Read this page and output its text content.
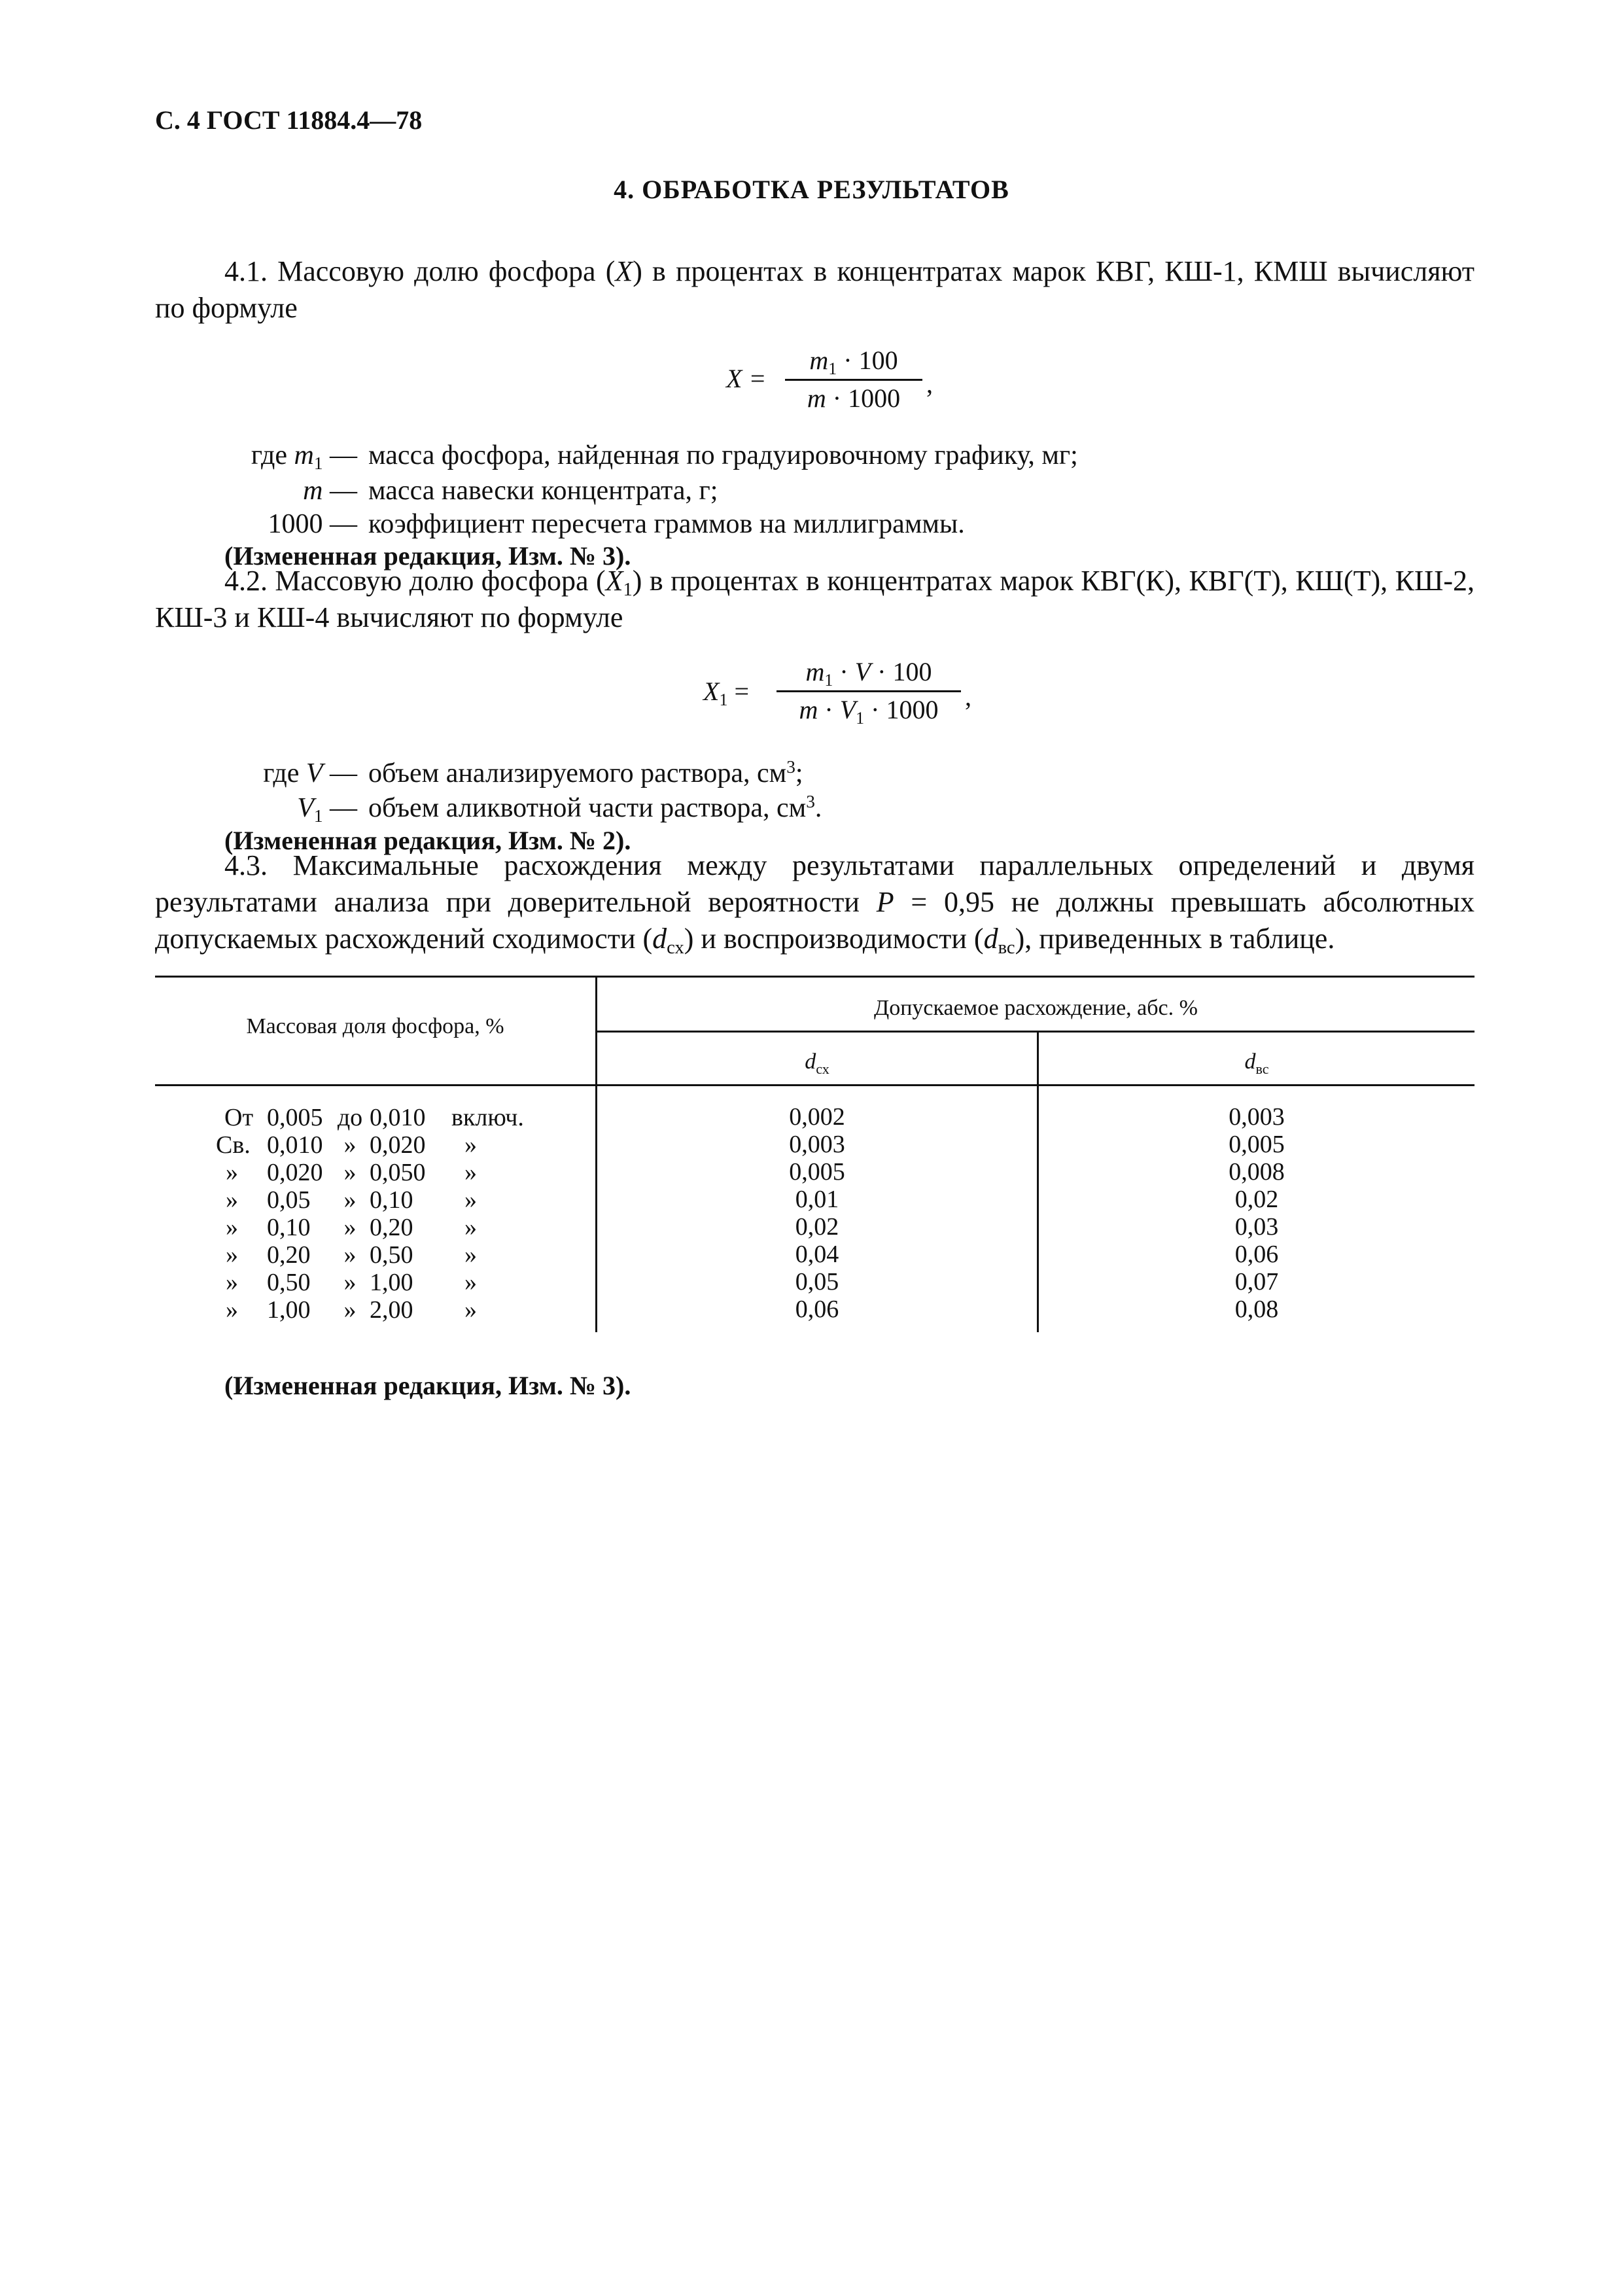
С. 4 ГОСТ 11884.4—78
4. ОБРАБОТКА РЕЗУЛЬТАТОВ
4.1. Массовую долю фосфора (X) в процентах в концентратах марок КВГ, КШ-1, КМШ вычисляют по формуле
X =
$m_1 \cdot 100$
m · 1000 ,
где $m_1$ — масса фосфора, найденная по градуировочному графику, мг;
m — масса навески концентрата, г;
1000 — коэффициент пересчета граммов на миллиграммы.
(Измененная редакция, Изм. № 3).
4.2. Массовую долю фосфора $(X_1)$ в процентах в концентратах марок КВГ(К), КВГ(Т), КШ(Т), КШ-2, КШ-3 и КШ-4 вычисляют по формуле
$X_1$ =
$m_1 \cdot V \cdot 100$
$m \cdot V_1 \cdot 1000$	,
где V — объем анализируемого раствора, $см^3$;
$V_1$ — объем аликвотной части раствора, $см^3$.
(Измененная редакция, Изм. № 2).
4.3. Максимальные расхождения между результатами параллельных определений и двумя результатами анализа при доверительной вероятности P = 0,95 не должны превышать абсолютных допускаемых расхождений сходимости $(d_{сх})$ и воспроизводимости $(d_{вс})$, приведенных в таблице.
Массовая доля фосфора, %
Допускаемое расхождение, абс. %
$d_{сх}$	$d_{вс}$
От 0,005 до 0,010	включ.	0,002	0,003
Св. 0,010 » 0,020	»	0,003	0,005
» 0,020 » 0,050	»	0,005	0,008
» 0,05	» 0,10	»	0,01	0,02
» 0,10	» 0,20	»	0,02	0,03
» 0,20	» 0,50	»	0,04	0,06
» 0,50	» 1,00	»	0,05	0,07
» 1,00	» 2,00	»	0,06	0,08
(Измененная редакция, Изм. № 3).
